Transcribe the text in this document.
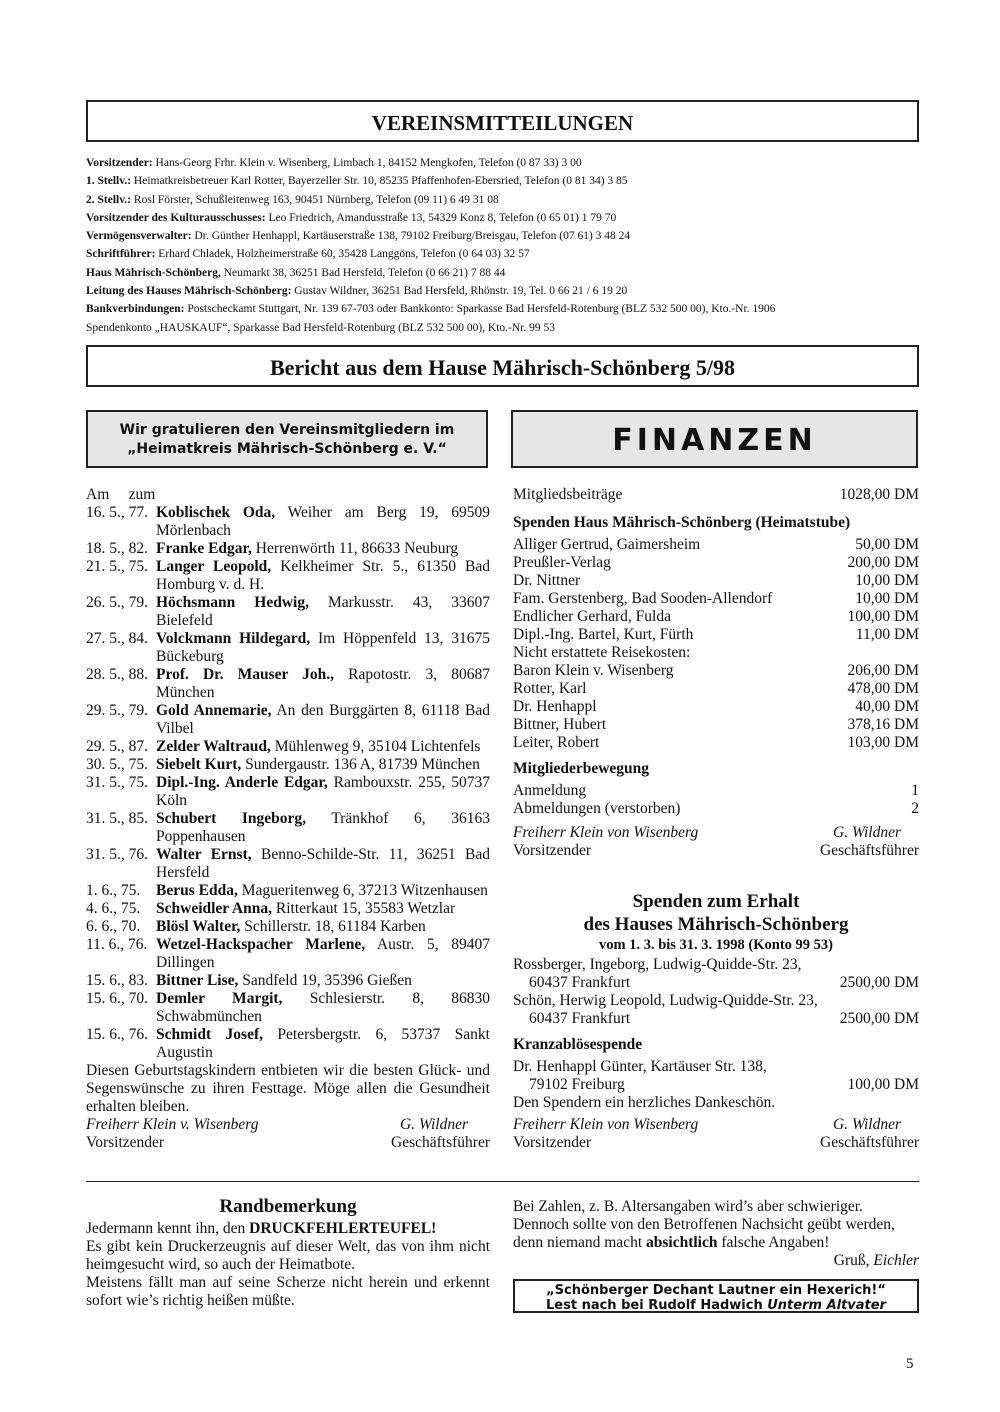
VEREINSMITTEILUNGEN
Vorsitzender: Hans-Georg Frhr. Klein v. Wisenberg, Limbach 1, 84152 Mengkofen, Telefon (0 87 33) 3 00
1. Stellv.: Heimatkreisbetreuer Karl Rotter, Bayerzeller Str. 10, 85235 Pfaffenhofen-Ebersried, Telefon (0 81 34) 3 85
2. Stellv.: Rosl Förster, Schußleitenweg 163, 90451 Nürnberg, Telefon (09 11) 6 49 31 08
Vorsitzender des Kulturausschusses: Leo Friedrich, Amandusstraße 13, 54329 Konz 8, Telefon (0 65 01) 1 79 70
Vermögensverwalter: Dr. Günther Henhappl, Kartäuserstraße 138, 79102 Freiburg/Breisgau, Telefon (07 61) 3 48 24
Schriftführer: Erhard Chladek, Holzheimerstraße 60, 35428 Langgöns, Telefon (0 64 03) 32 57
Haus Mährisch-Schönberg, Neumarkt 38, 36251 Bad Hersfeld, Telefon (0 66 21) 7 88 44
Leitung des Hauses Mährisch-Schönberg: Gustav Wildner, 36251 Bad Hersfeld, Rhönstr. 19, Tel. 0 66 21 / 6 19 20
Bankverbindungen: Postscheckamt Stuttgart, Nr. 139 67-703 oder Bankkonto: Sparkasse Bad Hersfeld-Rotenburg (BLZ 532 500 00), Kto.-Nr. 1906
Spendenkonto „HAUSKAUF“, Sparkasse Bad Hersfeld-Rotenburg (BLZ 532 500 00), Kto.-Nr. 99 53
Bericht aus dem Hause Mährisch-Schönberg 5/98
Wir gratulieren den Vereinsmitgliedern im
„Heimatkreis Mährisch-Schönberg e. V.“	FINANZEN
Am zum
16. 5., 77. Koblischek Oda, Weiher am Berg 19, 69509 Mörlenbach
18. 5., 82. Franke Edgar, Herrenwörth 11, 86633 Neuburg
21. 5., 75. Langer Leopold, Kelkheimer Str. 5., 61350 Bad Homburg v. d. H.
26. 5., 79. Höchsmann Hedwig, Markusstr. 43, 33607 Bielefeld
27. 5., 84. Volckmann Hildegard, Im Höppenfeld 13, 31675 Bückeburg
28. 5., 88. Prof. Dr. Mauser Joh., Rapotostr. 3, 80687 München
29. 5., 79. Gold Annemarie, An den Burggärten 8, 61118 Bad Vilbel
29. 5., 87. Zelder Waltraud, Mühlenweg 9, 35104 Lichtenfels
30. 5., 75. Siebelt Kurt, Sundergaustr. 136 A, 81739 München
31. 5., 75. Dipl.-Ing. Anderle Edgar, Rambouxstr. 255, 50737 Köln
31. 5., 85. Schubert Ingeborg, Tränkhof 6, 36163 Poppenhausen
31. 5., 76. Walter Ernst, Benno-Schilde-Str. 11, 36251 Bad Hersfeld
1. 6., 75.	Berus Edda, Magueritenweg 6, 37213 Witzenhausen
4. 6., 75.	Schweidler Anna, Ritterkaut 15, 35583 Wetzlar
6. 6., 70.	Blösl Walter, Schillerstr. 18, 61184 Karben
11. 6., 76. Wetzel-Hackspacher Marlene, Austr. 5, 89407 Dillingen
15. 6., 83. Bittner Lise, Sandfeld 19, 35396 Gießen
15. 6., 70. Demler Margit, Schlesierstr. 8, 86830 Schwabmünchen
15. 6., 76. Schmidt Josef, Petersbergstr. 6, 53737 Sankt Augustin
Diesen Geburtstagskindern entbieten wir die besten Glück- und Segenswünsche zu ihren Festtage. Möge allen die Gesundheit erhalten bleiben.
Freiherr Klein v. Wisenberg	G. Wildner
Vorsitzender	Geschäftsführer
Mitgliedsbeiträge	1028,00 DM
Spenden Haus Mährisch-Schönberg (Heimatstube)
Alliger Gertrud, Gaimersheim	50,00 DM
Preußler-Verlag	200,00 DM
Dr. Nittner	10,00 DM
Fam. Gerstenberg, Bad Sooden-Allendorf	10,00 DM
Endlicher Gerhard, Fulda	100,00 DM
Dipl.-Ing. Bartel, Kurt, Fürth	11,00 DM
Nicht erstattete Reisekosten:
Baron Klein v. Wisenberg	206,00 DM
Rotter, Karl	478,00 DM
Dr. Henhappl	40,00 DM
Bittner, Hubert	378,16 DM
Leiter, Robert	103,00 DM
Mitgliederbewegung
Anmeldung	1
Abmeldungen (verstorben)	2
Freiherr Klein von Wisenberg	G. Wildner
Vorsitzender	Geschäftsführer
Spenden zum Erhalt
des Hauses Mährisch-Schönberg
vom 1. 3. bis 31. 3. 1998 (Konto 99 53)
Rossberger, Ingeborg, Ludwig-Quidde-Str. 23,
60437 Frankfurt	2500,00 DM
Schön, Herwig Leopold, Ludwig-Quidde-Str. 23,
60437 Frankfurt	2500,00 DM
Kranzablösespende
Dr. Henhappl Günter, Kartäuser Str. 138,
79102 Freiburg	100,00 DM
Den Spendern ein herzliches Dankeschön.
Freiherr Klein von Wisenberg	G. Wildner
Vorsitzender	Geschäftsführer
Randbemerkung
Jedermann kennt ihn, den DRUCKFEHLERTEUFEL!
Es gibt kein Druckerzeugnis auf dieser Welt, das von ihm nicht heimgesucht wird, so auch der Heimatbote.
Meistens fällt man auf seine Scherze nicht herein und erkennt sofort wie’s richtig heißen müßte.
Bei Zahlen, z. B. Altersangaben wird’s aber schwieriger.
Dennoch sollte von den Betroffenen Nachsicht geübt werden,
denn niemand macht absichtlich falsche Angaben!
Gruß, Eichler
„Schönberger Dechant Lautner ein Hexerich!“
Lest nach bei Rudolf Hadwich Unterm Altvater
5
